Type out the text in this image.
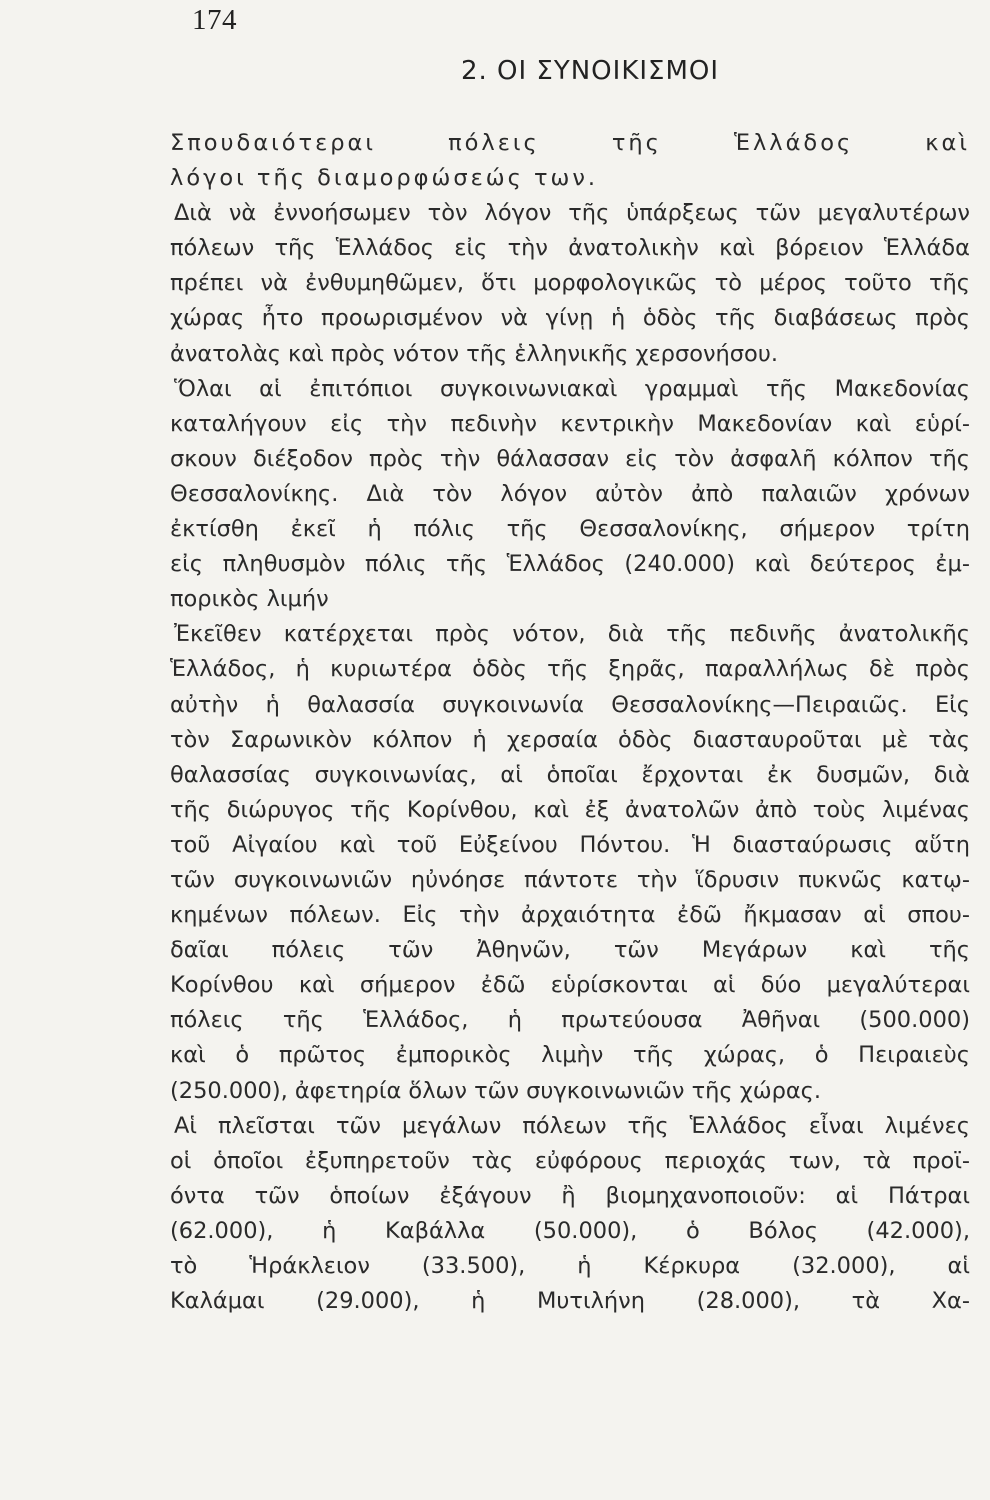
174
2. ΟΙ ΣΥΝΟΙΚΙΣΜΟΙ
Σπουδαιότεραι πόλεις τῆς Ἑλλάδος καὶ
λόγοι τῆς διαμορφώσεώς των.
Διὰ νὰ ἐννοήσωμεν τὸν λόγον τῆς ὑπάρξεως τῶν μεγαλυτέρων
πόλεων τῆς Ἑλλάδος εἰς τὴν ἀνατολικὴν καὶ βόρειον Ἑλλάδα
πρέπει νὰ ἐνθυμηθῶμεν, ὅτι μορφολογικῶς τὸ μέρος τοῦτο τῆς
χώρας ἦτο προωρισμένον νὰ γίνῃ ἡ ὁδὸς τῆς διαβάσεως πρὸς
ἀνατολὰς καὶ πρὸς νότον τῆς ἑλληνικῆς χερσονήσου.
Ὅλαι αἱ ἐπιτόπιοι συγκοινωνιακαὶ γραμμαὶ τῆς Μακεδονίας
καταλήγουν εἰς τὴν πεδινὴν κεντρικὴν Μακεδονίαν καὶ εὑρί-
σκουν διέξοδον πρὸς τὴν θάλασσαν εἰς τὸν ἀσφαλῆ κόλπον τῆς
Θεσσαλονίκης. Διὰ τὸν λόγον αὐτὸν ἀπὸ παλαιῶν χρόνων
ἐκτίσθη ἐκεῖ ἡ πόλις τῆς Θεσσαλονίκης, σήμερον τρίτη
εἰς πληθυσμὸν πόλις τῆς Ἑλλάδος (240.000) καὶ δεύτερος ἐμ-
πορικὸς λιμήν
Ἐκεῖθεν κατέρχεται πρὸς νότον, διὰ τῆς πεδινῆς ἀνατολικῆς
Ἑλλάδος, ἡ κυριωτέρα ὁδὸς τῆς ξηρᾶς, παραλλήλως δὲ πρὸς
αὐτὴν ἡ θαλασσία συγκοινωνία Θεσσαλονίκης—Πειραιῶς. Εἰς
τὸν Σαρωνικὸν κόλπον ἡ χερσαία ὁδὸς διασταυροῦται μὲ τὰς
θαλασσίας συγκοινωνίας, αἱ ὁποῖαι ἔρχονται ἐκ δυσμῶν, διὰ
τῆς διώρυγος τῆς Κορίνθου, καὶ ἐξ ἀνατολῶν ἀπὸ τοὺς λιμένας
τοῦ Αἰγαίου καὶ τοῦ Εὐξείνου Πόντου. Ἡ διασταύρωσις αὕτη
τῶν συγκοινωνιῶν ηὐνόησε πάντοτε τὴν ἵδρυσιν πυκνῶς κατῳ-
κημένων πόλεων. Εἰς τὴν ἀρχαιότητα ἐδῶ ἤκμασαν αἱ σπου-
δαῖαι πόλεις τῶν Ἀθηνῶν, τῶν Μεγάρων καὶ τῆς
Κορίνθου καὶ σήμερον ἐδῶ εὑρίσκονται αἱ δύο μεγαλύτεραι
πόλεις τῆς Ἑλλάδος, ἡ πρωτεύουσα Ἀθῆναι (500.000)
καὶ ὁ πρῶτος ἐμπορικὸς λιμὴν τῆς χώρας, ὁ Πειραιεὺς
(250.000), ἀφετηρία ὅλων τῶν συγκοινωνιῶν τῆς χώρας.
Αἱ πλεῖσται τῶν μεγάλων πόλεων τῆς Ἑλλάδος εἶναι λιμένες
οἱ ὁποῖοι ἐξυπηρετοῦν τὰς εὐφόρους περιοχάς των, τὰ προϊ-
όντα τῶν ὁποίων ἐξάγουν ἢ βιομηχανοποιοῦν: αἱ Πάτραι
(62.000), ἡ Καβάλλα (50.000), ὁ Βόλος (42.000),
τὸ Ἡράκλειον (33.500), ἡ Κέρκυρα (32.000), αἱ
Καλάμαι (29.000), ἡ Μυτιλήνη (28.000), τὰ Χα-
